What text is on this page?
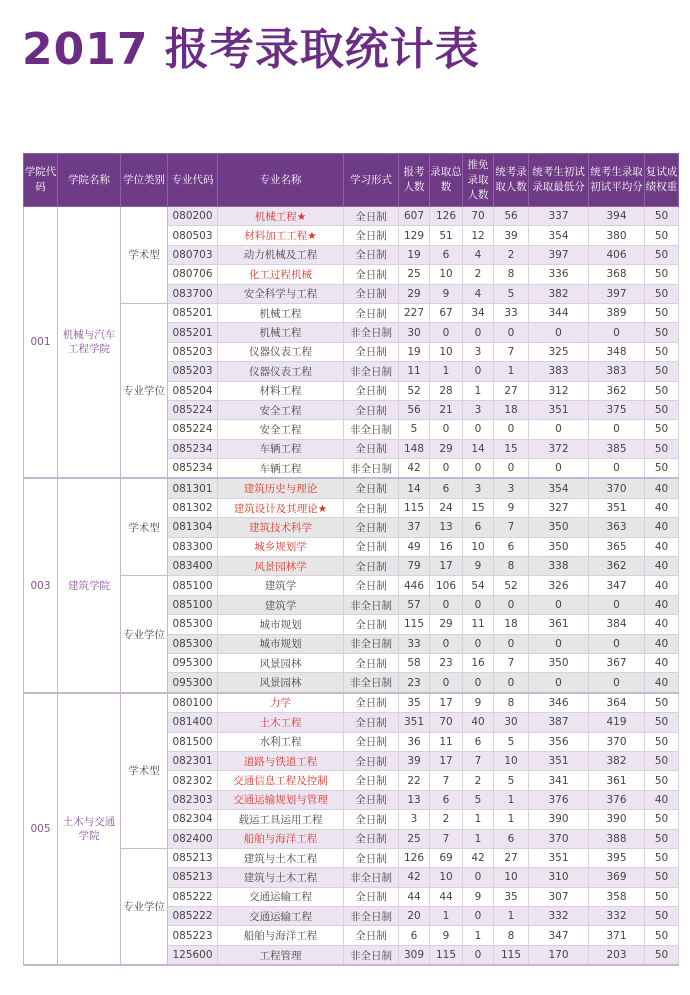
2017 报考录取统计表
学院代码	学院名称	学位类别	专业代码	专业名称	学习形式	报考人数	录取总数	推免录取人数	统考录取人数	统考生初试录取最低分	统考生录取初试平均分	复试成绩权重
001	机械与汽车工程学院	学术型	080200	机械工程★	全日制	607	126	70	56	337	394	50
			080503	材料加工工程★	全日制	129	51	12	39	354	380	50
			080703	动力机械及工程	全日制	19	6	4	2	397	406	50
			080706	化工过程机械	全日制	25	10	2	8	336	368	50
			083700	安全科学与工程	全日制	29	9	4	5	382	397	50
		专业学位	085201	机械工程	全日制	227	67	34	33	344	389	50
			085201	机械工程	非全日制	30	0	0	0	0	0	50
			085203	仪器仪表工程	全日制	19	10	3	7	325	348	50
			085203	仪器仪表工程	非全日制	11	1	0	1	383	383	50
			085204	材料工程	全日制	52	28	1	27	312	362	50
			085224	安全工程	全日制	56	21	3	18	351	375	50
			085224	安全工程	非全日制	5	0	0	0	0	0	50
			085234	车辆工程	全日制	148	29	14	15	372	385	50
			085234	车辆工程	非全日制	42	0	0	0	0	0	50
003	建筑学院	学术型	081301	建筑历史与理论	全日制	14	6	3	3	354	370	40
			081302	建筑设计及其理论★	全日制	115	24	15	9	327	351	40
			081304	建筑技术科学	全日制	37	13	6	7	350	363	40
			083300	城乡规划学	全日制	49	16	10	6	350	365	40
			083400	风景园林学	全日制	79	17	9	8	338	362	40
		专业学位	085100	建筑学	全日制	446	106	54	52	326	347	40
			085100	建筑学	非全日制	57	0	0	0	0	0	40
			085300	城市规划	全日制	115	29	11	18	361	384	40
			085300	城市规划	非全日制	33	0	0	0	0	0	40
			095300	风景园林	全日制	58	23	16	7	350	367	40
			095300	风景园林	非全日制	23	0	0	0	0	0	40
005	土木与交通学院	学术型	080100	力学	全日制	35	17	9	8	346	364	50
			081400	土木工程	全日制	351	70	40	30	387	419	50
			081500	水利工程	全日制	36	11	6	5	356	370	50
			082301	道路与铁道工程	全日制	39	17	7	10	351	382	50
			082302	交通信息工程及控制	全日制	22	7	2	5	341	361	50
			082303	交通运输规划与管理	全日制	13	6	5	1	376	376	40
			082304	载运工具运用工程	全日制	3	2	1	1	390	390	50
			082400	船舶与海洋工程	全日制	25	7	1	6	370	388	50
		专业学位	085213	建筑与土木工程	全日制	126	69	42	27	351	395	50
			085213	建筑与土木工程	非全日制	42	10	0	10	310	369	50
			085222	交通运输工程	全日制	44	44	9	35	307	358	50
			085222	交通运输工程	非全日制	20	1	0	1	332	332	50
			085223	船舶与海洋工程	全日制	6	9	1	8	347	371	50
			125600	工程管理	非全日制	309	115	0	115	170	203	50
